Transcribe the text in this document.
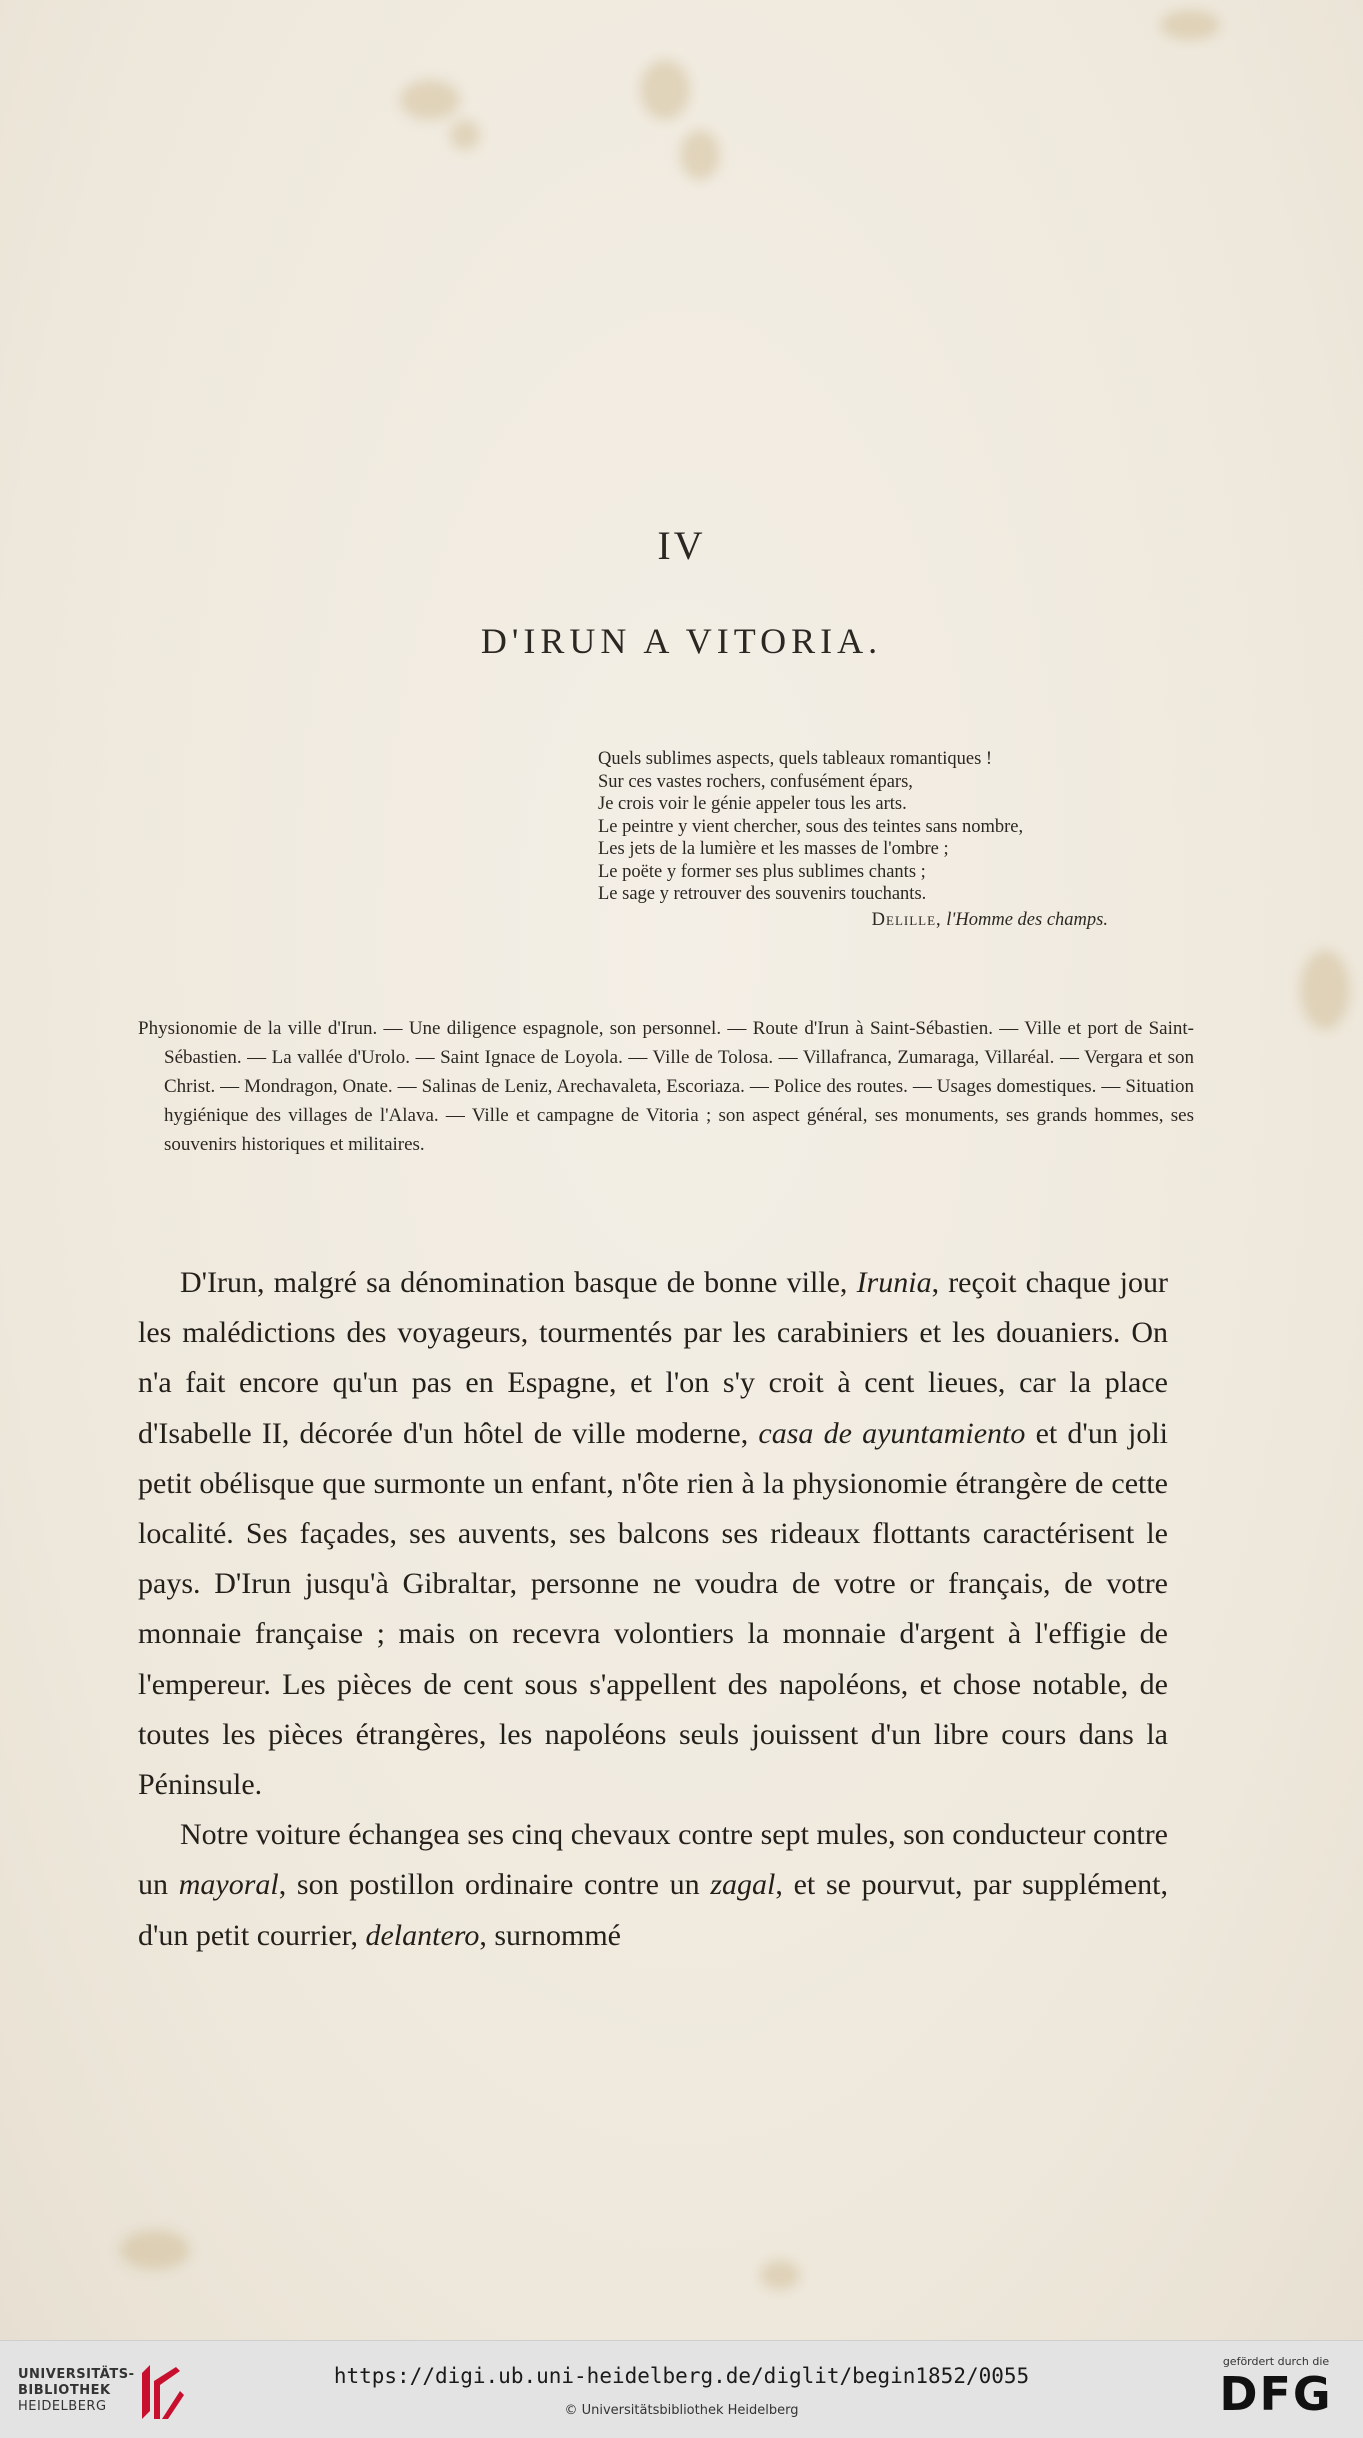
IV
D'IRUN A VITORIA.
Quels sublimes aspects, quels tableaux romantiques !
Sur ces vastes rochers, confusément épars,
Je crois voir le génie appeler tous les arts.
Le peintre y vient chercher, sous des teintes sans nombre,
Les jets de la lumière et les masses de l'ombre ;
Le poëte y former ses plus sublimes chants ;
Le sage y retrouver des souvenirs touchants.
Delille, l'Homme des champs.
Physionomie de la ville d'Irun. — Une diligence espagnole, son personnel. — Route d'Irun à Saint-Sébastien. — Ville et port de Saint-Sébastien. — La vallée d'Urolo. — Saint Ignace de Loyola. — Ville de Tolosa. — Villafranca, Zumaraga, Villaréal. — Vergara et son Christ. — Mondragon, Onate. — Salinas de Leniz, Arechavaleta, Escoriaza. — Police des routes. — Usages domestiques. — Situation hygiénique des villages de l'Alava. — Ville et campagne de Vitoria ; son aspect général, ses monuments, ses grands hommes, ses souvenirs historiques et militaires.

D'Irun, malgré sa dénomination basque de bonne ville, Irunia, reçoit chaque jour les malédictions des voyageurs, tourmentés par les carabiniers et les douaniers. On n'a fait encore qu'un pas en Espagne, et l'on s'y croit à cent lieues, car la place d'Isabelle II, décorée d'un hôtel de ville moderne, casa de ayuntamiento et d'un joli petit obélisque que surmonte un enfant, n'ôte rien à la physionomie étrangère de cette localité. Ses façades, ses auvents, ses balcons ses rideaux flottants caractérisent le pays. D'Irun jusqu'à Gibraltar, personne ne voudra de votre or français, de votre monnaie française ; mais on recevra volontiers la monnaie d'argent à l'effigie de l'empereur. Les pièces de cent sous s'appellent des napoléons, et chose notable, de toutes les pièces étrangères, les napoléons seuls jouissent d'un libre cours dans la Péninsule.

Notre voiture échangea ses cinq chevaux contre sept mules, son conducteur contre un mayoral, son postillon ordinaire contre un zagal, et se pourvut, par supplément, d'un petit courrier, delantero, surnommé

UNIVERSITÄTS-
BIBLIOTHEK
HEIDELBERG
https://digi.ub.uni-heidelberg.de/diglit/begin1852/0055
© Universitätsbibliothek Heidelberg
gefördert durch die
DFG
